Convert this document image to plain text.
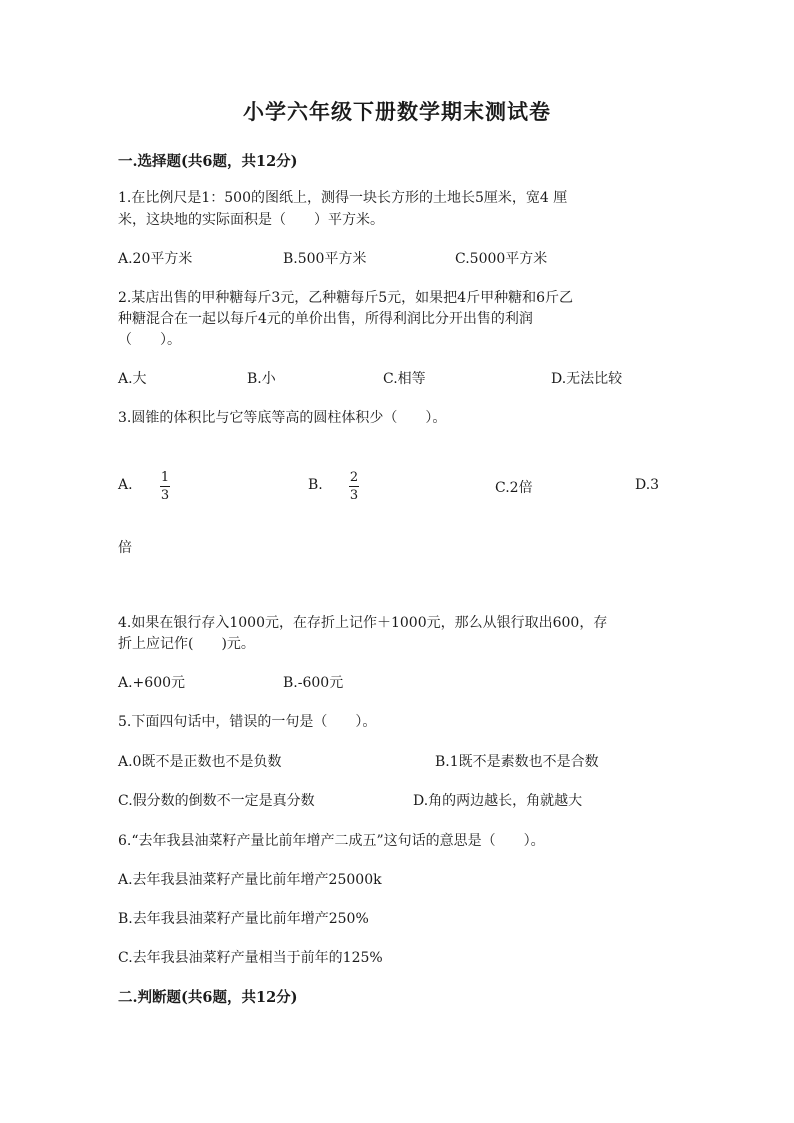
小学六年级下册数学期末测试卷
一.选择题(共6题，共12分)
1.在比例尺是1：500的图纸上，测得一块长方形的土地长5厘米，宽4 厘
米，这块地的实际面积是（　　）平方米。
A.20平方米	B.500平方米	C.5000平方米
2.某店出售的甲种糖每斤3元，乙种糖每斤5元，如果把4斤甲种糖和6斤乙
种糖混合在一起以每斤4元的单价出售，所得利润比分开出售的利润
（　　）。
A.大	B.小	C.相等	D.无法比较
3.圆锥的体积比与它等底等高的圆柱体积少（　　）。
A. 1
3
B. 2
3	C.2倍	D.3
倍
4.如果在银行存入1000元，在存折上记作＋1000元，那么从银行取出600，存
折上应记作(　　)元。
A.+600元	B.-600元
5.下面四句话中，错误的一句是（　　）。
A.0既不是正数也不是负数	B.1既不是素数也不是合数
C.假分数的倒数不一定是真分数	D.角的两边越长，角就越大
6.“去年我县油菜籽产量比前年增产二成五”这句话的意思是（　　）。
A.去年我县油菜籽产量比前年增产25000k
B.去年我县油菜籽产量比前年增产250%
C.去年我县油菜籽产量相当于前年的125%
二.判断题(共6题，共12分)
